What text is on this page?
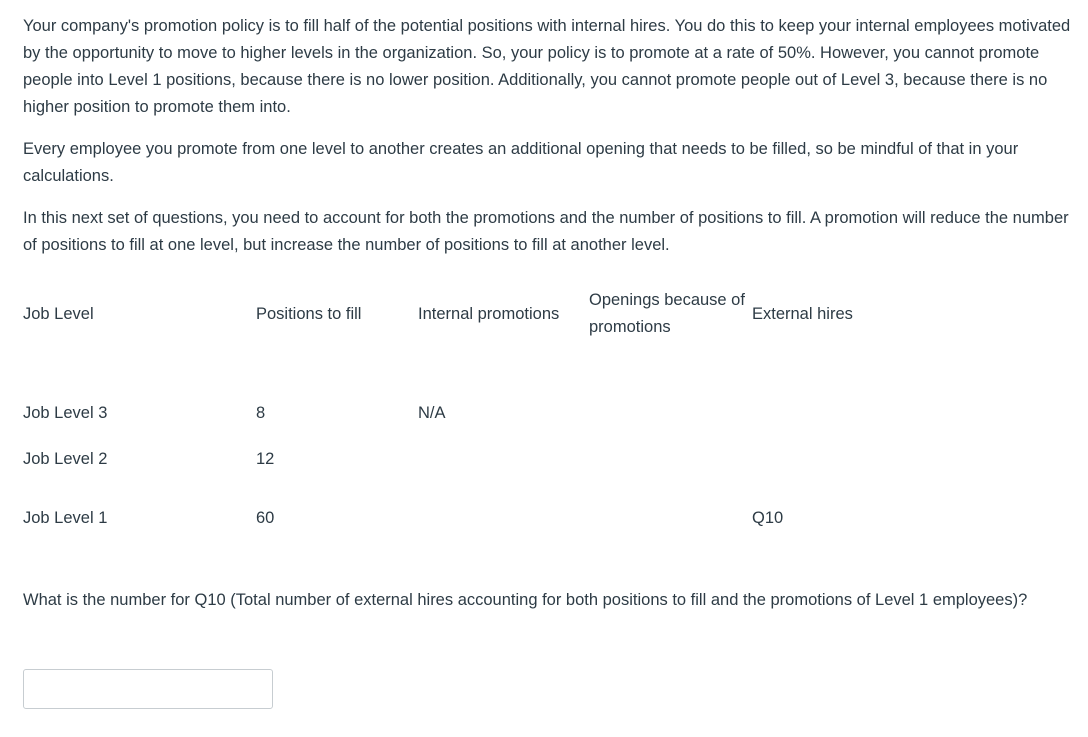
Your company's promotion policy is to fill half of the potential positions with internal hires. You do this to keep your internal employees motivated by the opportunity to move to higher levels in the organization. So, your policy is to promote at a rate of 50%. However, you cannot promote people into Level 1 positions, because there is no lower position. Additionally, you cannot promote people out of Level 3, because there is no higher position to promote them into.

Every employee you promote from one level to another creates an additional opening that needs to be filled, so be mindful of that in your calculations.

In this next set of questions, you need to account for both the promotions and the number of positions to fill. A promotion will reduce the number of positions to fill at one level, but increase the number of positions to fill at another level.

Job Level	Positions to fill	Internal promotions	Openings because of promotions	External hires
Job Level 3	8	N/A		
Job Level 2	12			
Job Level 1	60			Q10

What is the number for Q10 (Total number of external hires accounting for both positions to fill and the promotions of Level 1 employees)?
